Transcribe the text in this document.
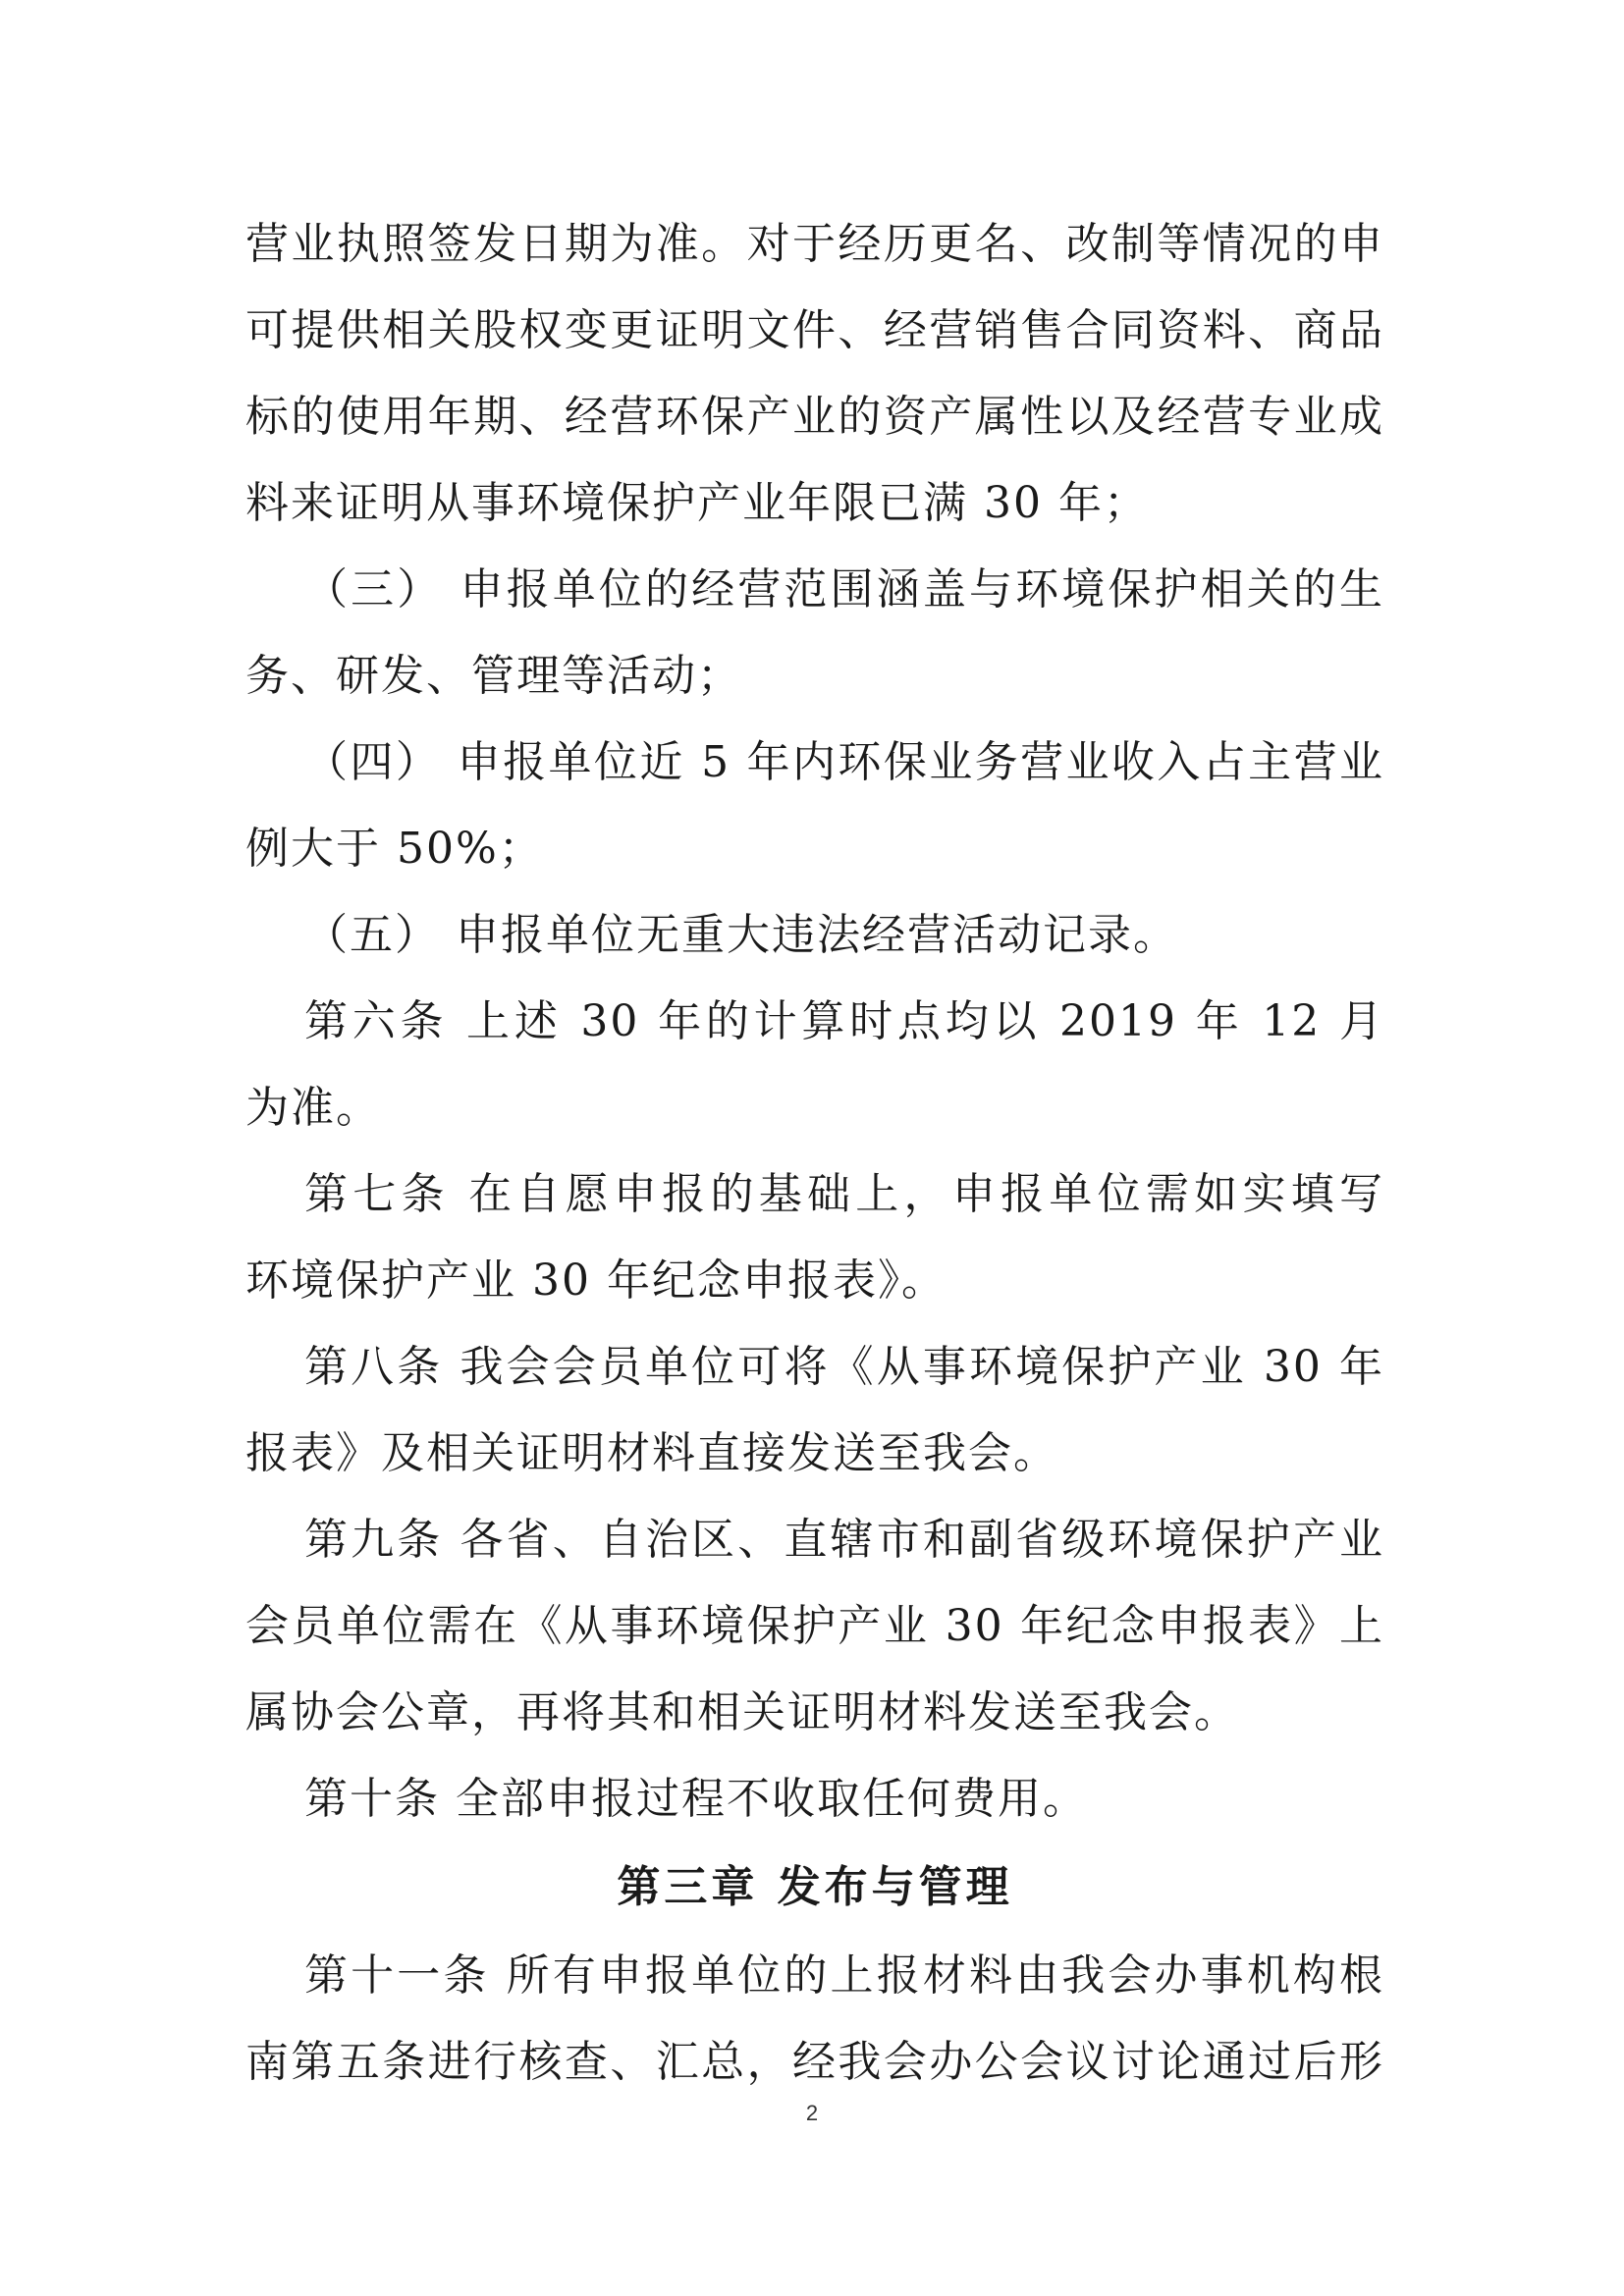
营业执照签发日期为准。对于经历更名、改制等情况的申
可提供相关股权变更证明文件、经营销售合同资料、商品
标的使用年期、经营环保产业的资产属性以及经营专业成
料来证明从事环境保护产业年限已满 30 年；
（三） 申报单位的经营范围涵盖与环境保护相关的生
务、研发、管理等活动；
（四） 申报单位近 5 年内环保业务营业收入占主营业
例大于 50%；
（五） 申报单位无重大违法经营活动记录。
第六条 上述 30 年的计算时点均以 2019 年 12 月
为准。
第七条 在自愿申报的基础上，申报单位需如实填写
环境保护产业 30 年纪念申报表》。
第八条 我会会员单位可将《从事环境保护产业 30 年
报表》及相关证明材料直接发送至我会。
第九条 各省、自治区、直辖市和副省级环境保护产业
会员单位需在《从事环境保护产业 30 年纪念申报表》上
属协会公章，再将其和相关证明材料发送至我会。
第十条 全部申报过程不收取任何费用。
第三章 发布与管理
第十一条 所有申报单位的上报材料由我会办事机构根
南第五条进行核查、汇总，经我会办公会议讨论通过后形
2
